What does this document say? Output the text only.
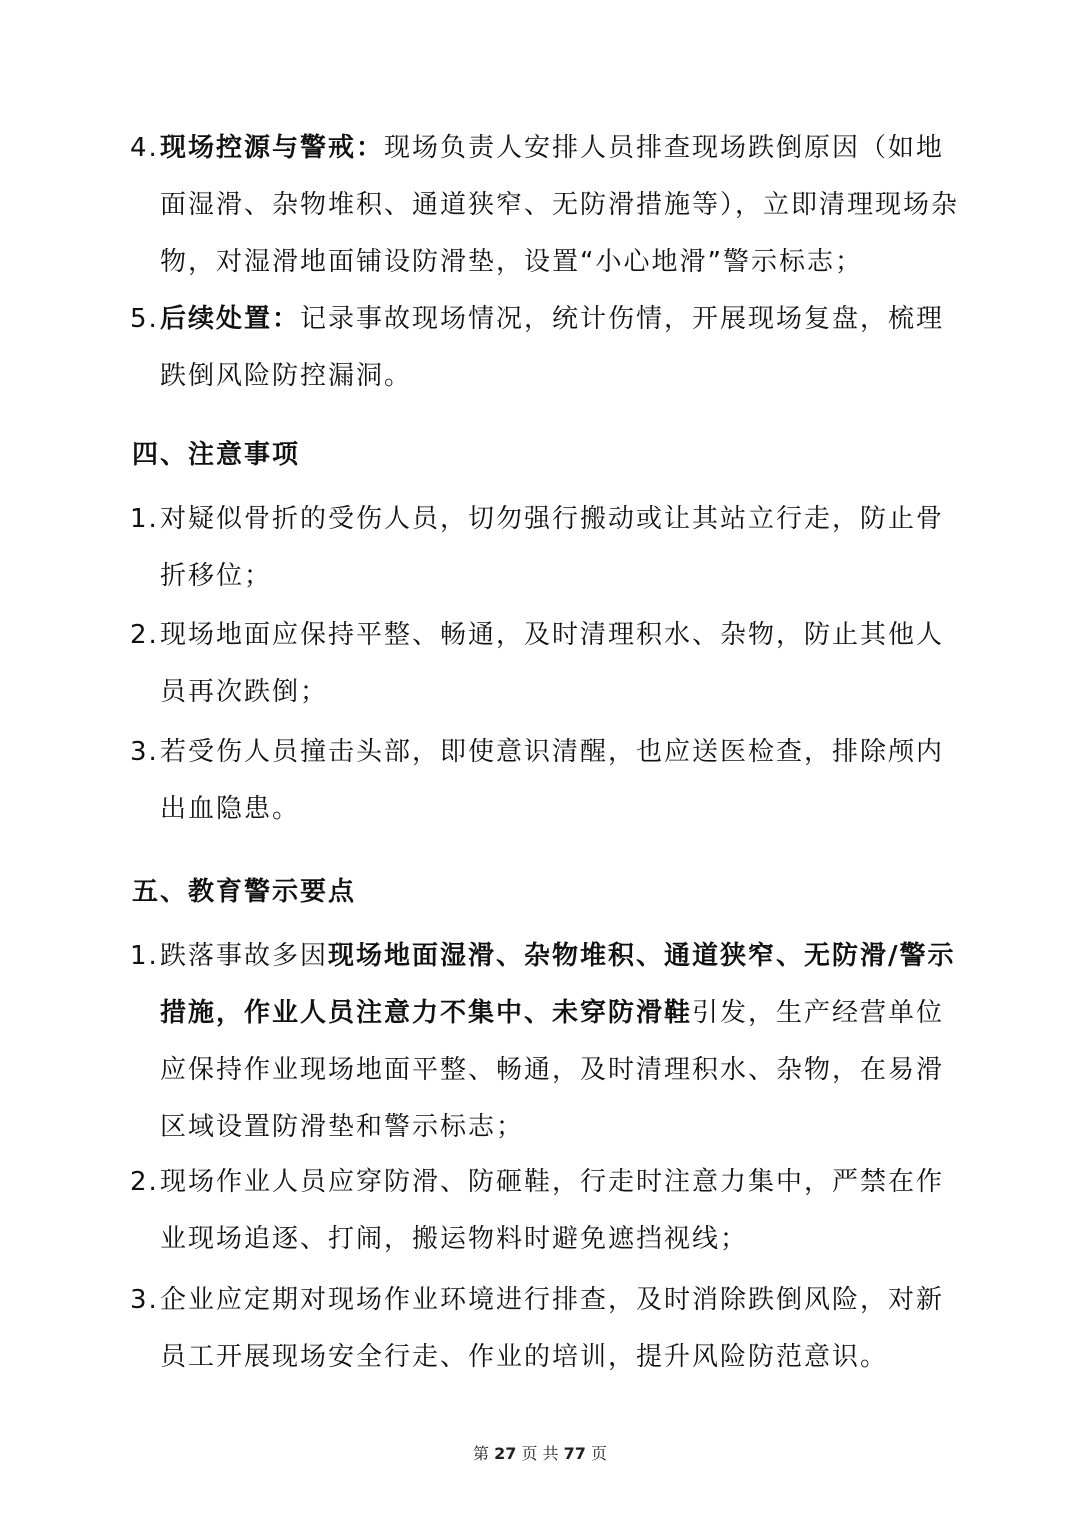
4. 现场控源与警戒：现场负责人安排人员排查现场跌倒原因（如地面湿滑、杂物堆积、通道狭窄、无防滑措施等），立即清理现场杂物，对湿滑地面铺设防滑垫，设置“小心地滑”警示标志；
5. 后续处置：记录事故现场情况，统计伤情，开展现场复盘，梳理跌倒风险防控漏洞。
四、注意事项
1. 对疑似骨折的受伤人员，切勿强行搬动或让其站立行走，防止骨折移位；
2. 现场地面应保持平整、畅通，及时清理积水、杂物，防止其他人员再次跌倒；
3. 若受伤人员撞击头部，即使意识清醒，也应送医检查，排除颅内出血隐患。
五、教育警示要点
1. 跌落事故多因现场地面湿滑、杂物堆积、通道狭窄、无防滑/警示措施，作业人员注意力不集中、未穿防滑鞋引发，生产经营单位应保持作业现场地面平整、畅通，及时清理积水、杂物，在易滑区域设置防滑垫和警示标志；
2. 现场作业人员应穿防滑、防砸鞋，行走时注意力集中，严禁在作业现场追逐、打闹，搬运物料时避免遮挡视线；
3. 企业应定期对现场作业环境进行排查，及时消除跌倒风险，对新员工开展现场安全行走、作业的培训，提升风险防范意识。
第 27 页 共 77 页
